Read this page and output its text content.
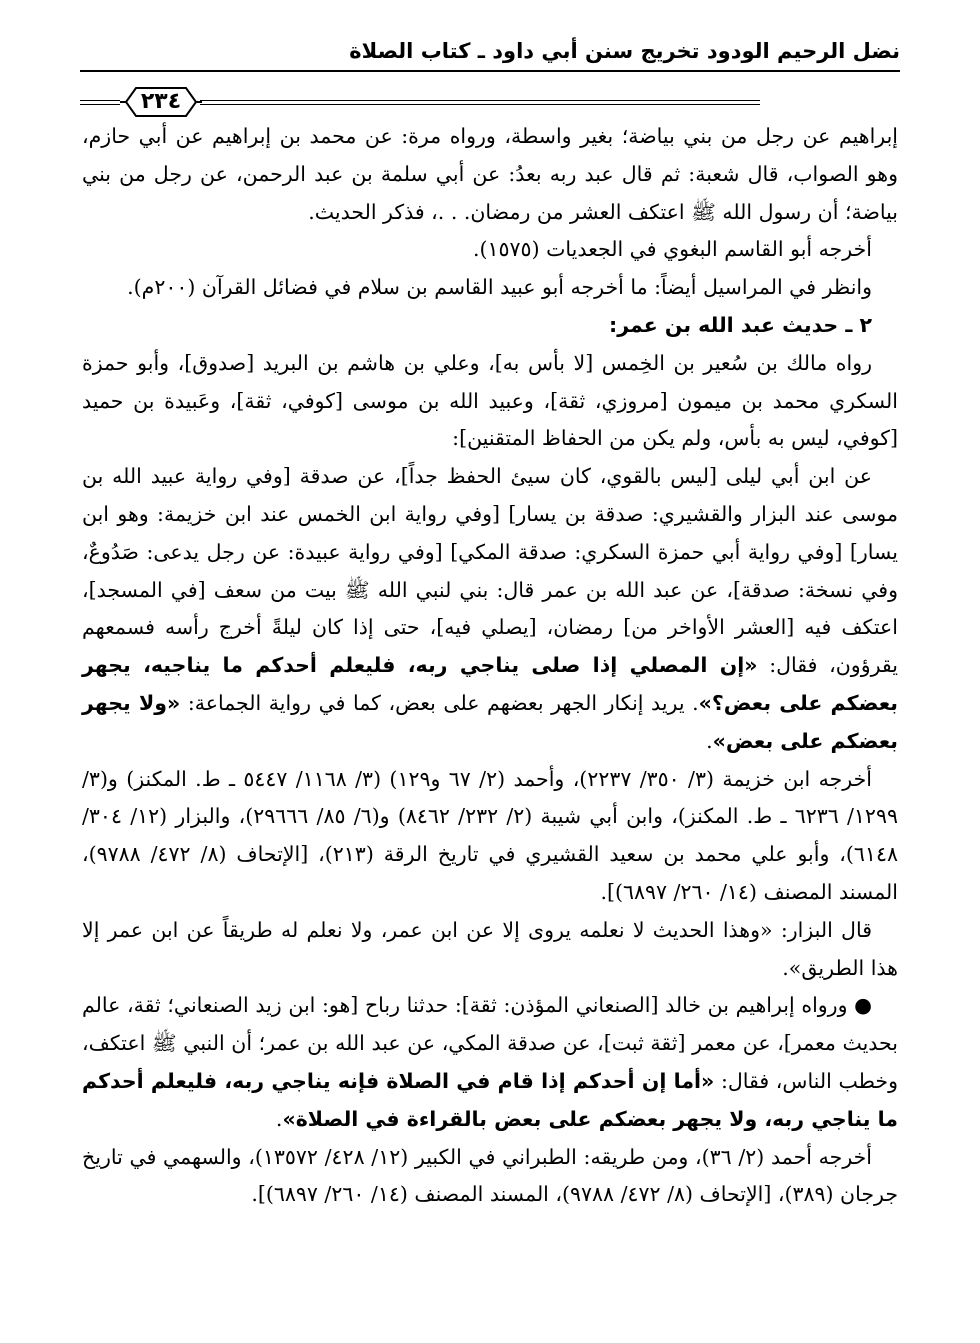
نضل الرحيم الودود تخريج سنن أبي داود ـ كتاب الصلاة
٢٣٤

إبراهيم عن رجل من بني بياضة؛ بغير واسطة، ورواه مرة: عن محمد بن إبراهيم عن أبي حازم، وهو الصواب، قال شعبة: ثم قال عبد ربه بعدُ: عن أبي سلمة بن عبد الرحمن، عن رجل من بني بياضة؛ أن رسول الله ﷺ اعتكف العشر من رمضان. . .، فذكر الحديث.

أخرجه أبو القاسم البغوي في الجعديات (١٥٧٥).

وانظر في المراسيل أيضاً: ما أخرجه أبو عبيد القاسم بن سلام في فضائل القرآن (٢٠٠م).

٢ ـ حديث عبد الله بن عمر:

رواه مالك بن سُعير بن الخِمس [لا بأس به]، وعلي بن هاشم بن البريد [صدوق]، وأبو حمزة السكري محمد بن ميمون [مروزي، ثقة]، وعبيد الله بن موسى [كوفي، ثقة]، وعَبيدة بن حميد [كوفي، ليس به بأس، ولم يكن من الحفاظ المتقنين]:

عن ابن أبي ليلى [ليس بالقوي، كان سيئ الحفظ جداً]، عن صدقة [وفي رواية عبيد الله بن موسى عند البزار والقشيري: صدقة بن يسار] [وفي رواية ابن الخمس عند ابن خزيمة: وهو ابن يسار] [وفي رواية أبي حمزة السكري: صدقة المكي] [وفي رواية عبيدة: عن رجل يدعى: صَدُوعٌ، وفي نسخة: صدقة]، عن عبد الله بن عمر قال: بني لنبي الله ﷺ بيت من سعف [في المسجد]، اعتكف فيه [العشر الأواخر من] رمضان، [يصلي فيه]، حتى إذا كان ليلةً أخرج رأسه فسمعهم يقرؤون، فقال: «إن المصلي إذا صلى يناجي ربه، فليعلم أحدكم ما يناجيه، يجهر بعضكم على بعض؟». يريد إنكار الجهر بعضهم على بعض، كما في رواية الجماعة: «ولا يجهر بعضكم على بعض».

أخرجه ابن خزيمة (٣/ ٣٥٠/ ٢٢٣٧)، وأحمد (٢/ ٦٧ و١٢٩) (٣/ ١١٦٨/ ٥٤٤٧ ـ ط. المكنز) و(٣/ ١٢٩٩/ ٦٢٣٦ ـ ط. المكنز)، وابن أبي شيبة (٢/ ٢٣٢/ ٨٤٦٢) و(٦/ ٨٥/ ٢٩٦٦٦)، والبزار (١٢/ ٣٠٤/ ٦١٤٨)، وأبو علي محمد بن سعيد القشيري في تاريخ الرقة (٢١٣)، [الإتحاف (٨/ ٤٧٢/ ٩٧٨٨)، المسند المصنف (١٤/ ٢٦٠/ ٦٨٩٧)].

قال البزار: «وهذا الحديث لا نعلمه يروى إلا عن ابن عمر، ولا نعلم له طريقاً عن ابن عمر إلا هذا الطريق».

● ورواه إبراهيم بن خالد [الصنعاني المؤذن: ثقة]: حدثنا رباح [هو: ابن زيد الصنعاني؛ ثقة، عالم بحديث معمر]، عن معمر [ثقة ثبت]، عن صدقة المكي، عن عبد الله بن عمر؛ أن النبي ﷺ اعتكف، وخطب الناس، فقال: «أما إن أحدكم إذا قام في الصلاة فإنه يناجي ربه، فليعلم أحدكم ما يناجي ربه، ولا يجهر بعضكم على بعض بالقراءة في الصلاة».

أخرجه أحمد (٢/ ٣٦)، ومن طريقه: الطبراني في الكبير (١٢/ ٤٢٨/ ١٣٥٧٢)، والسهمي في تاريخ جرجان (٣٨٩)، [الإتحاف (٨/ ٤٧٢/ ٩٧٨٨)، المسند المصنف (١٤/ ٢٦٠/ ٦٨٩٧)].
